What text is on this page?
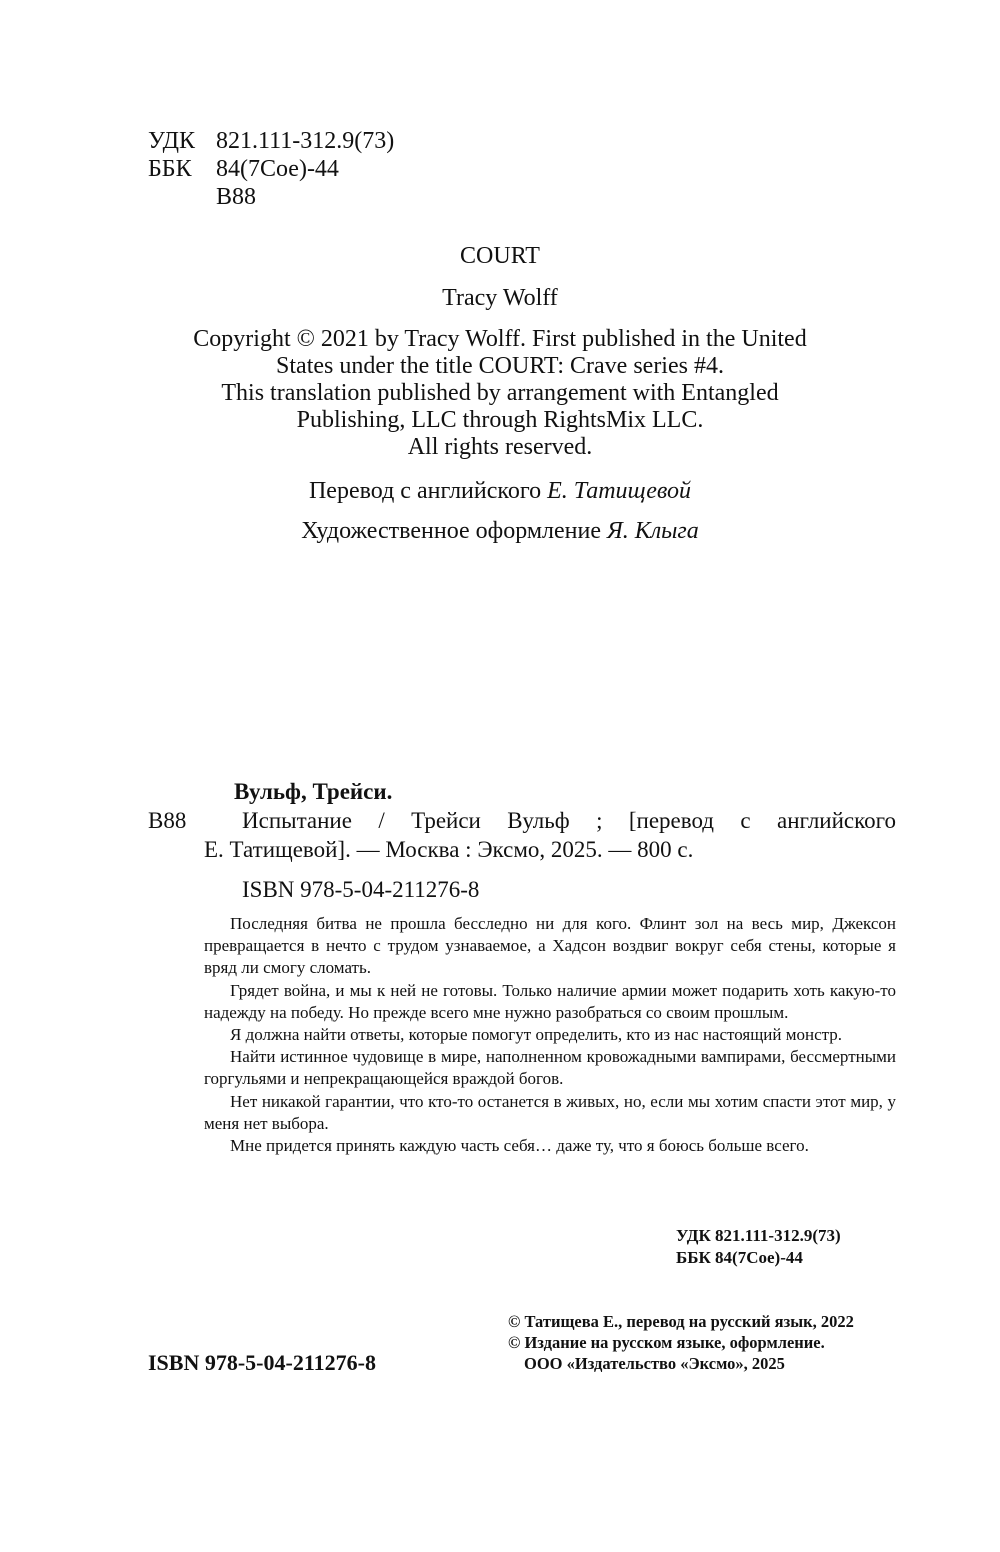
УДК 821.111-312.9(73)
ББК 84(7Сое)-44
В88
COURT
Tracy Wolff
Copyright © 2021 by Tracy Wolff. First published in the United
States under the title COURT: Crave series #4.
This translation published by arrangement with Entangled
Publishing, LLC through RightsMix LLC.
All rights reserved.
Перевод с английского Е. Татищевой
Художественное оформление Я. Клыга
Вульф, Трейси.
В88 Испытание / Трейси Вульф ; [перевод с английского
Е. Татищевой]. — Москва : Эксмо, 2025. — 800 с.
ISBN 978-5-04-211276-8

Последняя битва не прошла бесследно ни для кого. Флинт зол на весь мир, Джексон превращается в нечто с трудом узнаваемое, а Хадсон воздвиг вокруг себя стены, которые я вряд ли смогу сломать.

Грядет война, и мы к ней не готовы. Только наличие армии может подарить хоть какую-то надежду на победу. Но прежде всего мне нужно разобраться со своим прошлым.

Я должна найти ответы, которые помогут определить, кто из нас настоящий монстр.

Найти истинное чудовище в мире, наполненном кровожадными вампирами, бессмертными горгульями и непрекращающейся враждой богов.

Нет никакой гарантии, что кто-то останется в живых, но, если мы хотим спасти этот мир, у меня нет выбора.

Мне придется принять каждую часть себя… даже ту, что я боюсь больше всего.

УДК 821.111-312.9(73)
ББК 84(7Сое)-44
ISBN 978-5-04-211276-8
© Татищева Е., перевод на русский язык, 2022
© Издание на русском языке, оформление.
ООО «Издательство «Эксмо», 2025
